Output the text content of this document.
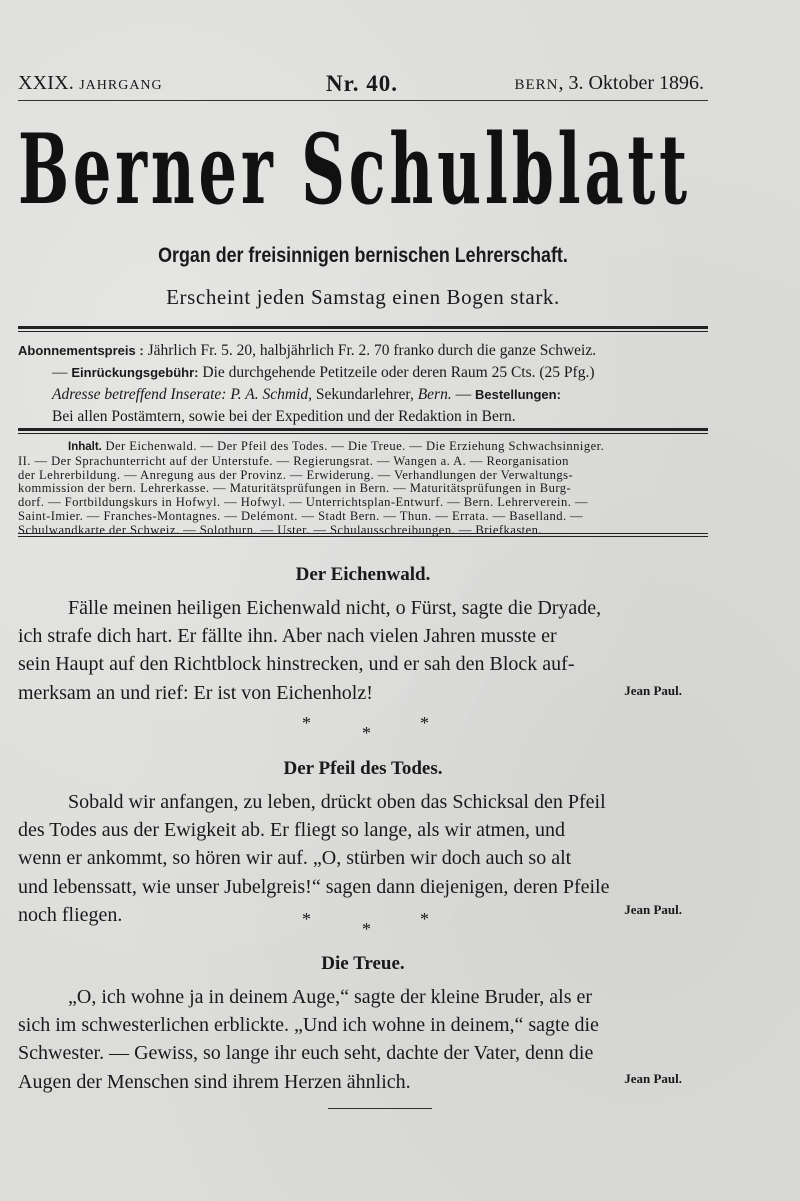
XXIX. JAHRGANG	Nr. 40.	BERN, 3. Oktober 1896.
Berner Schulblatt
Organ der freisinnigen bernischen Lehrerschaft.
Erscheint jeden Samstag einen Bogen stark.
Abonnementspreis : Jährlich Fr. 5. 20, halbjährlich Fr. 2. 70 franko durch die ganze Schweiz.
— Einrückungsgebühr: Die durchgehende Petitzeile oder deren Raum 25 Cts. (25 Pfg.)
Adresse betreffend Inserate: P. A. Schmid, Sekundarlehrer, Bern. — Bestellungen:
Bei allen Postämtern, sowie bei der Expedition und der Redaktion in Bern.
Inhalt. Der Eichenwald. — Der Pfeil des Todes. — Die Treue. — Die Erziehung Schwachsinniger.
II. — Der Sprachunterricht auf der Unterstufe. — Regierungsrat. — Wangen a. A. — Reorganisation
der Lehrerbildung. — Anregung aus der Provinz. — Erwiderung. — Verhandlungen der Verwaltungs-
kommission der bern. Lehrerkasse. — Maturitätsprüfungen in Bern. — Maturitätsprüfungen in Burg-
dorf. — Fortbildungskurs in Hofwyl. — Hofwyl. — Unterrichtsplan-Entwurf. — Bern. Lehrerverein. —
Saint-Imier. — Franches-Montagnes. — Delémont. — Stadt Bern. — Thun. — Errata. — Baselland. —
Schulwandkarte der Schweiz. — Solothurn. — Uster. — Schulausschreibungen. — Briefkasten.
Der Eichenwald.
Fälle meinen heiligen Eichenwald nicht, o Fürst, sagte die Dryade,
ich strafe dich hart. Er fällte ihn. Aber nach vielen Jahren musste er
sein Haupt auf den Richtblock hinstrecken, und er sah den Block auf-
merksam an und rief: Er ist von Eichenholz!	Jean Paul.
*	*	*
Der Pfeil des Todes.
Sobald wir anfangen, zu leben, drückt oben das Schicksal den Pfeil
des Todes aus der Ewigkeit ab. Er fliegt so lange, als wir atmen, und
wenn er ankommt, so hören wir auf. „O, stürben wir doch auch so alt
und lebenssatt, wie unser Jubelgreis!“ sagen dann diejenigen, deren Pfeile
noch fliegen.	Jean Paul.
*	*	*
Die Treue.
„O, ich wohne ja in deinem Auge,“ sagte der kleine Bruder, als er
sich im schwesterlichen erblickte. „Und ich wohne in deinem,“ sagte die
Schwester. — Gewiss, so lange ihr euch seht, dachte der Vater, denn die
Augen der Menschen sind ihrem Herzen ähnlich.	Jean Paul.
